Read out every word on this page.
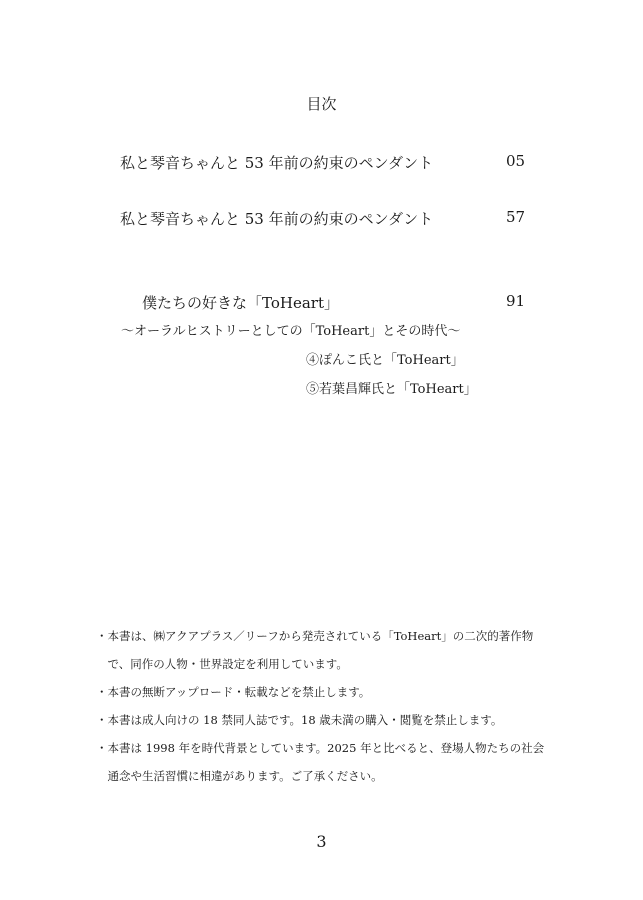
目次
私と琴音ちゃんと 53 年前の約束のペンダント	05
私と琴音ちゃんと 53 年前の約束のペンダント	57
僕たちの好きな「ToHeart」	91
～オーラルヒストリーとしての「ToHeart」とその時代～
④ぽんこ氏と「ToHeart」
⑤若葉昌輝氏と「ToHeart」
・本書は、㈱アクアプラス／リーフから発売されている「ToHeart」の二次的著作物
　で、同作の人物・世界設定を利用しています。
・本書の無断アップロード・転載などを禁止します。
・本書は成人向けの 18 禁同人誌です。18 歳未満の購入・閲覧を禁止します。
・本書は 1998 年を時代背景としています。2025 年と比べると、登場人物たちの社会
　通念や生活習慣に相違があります。ご了承ください。
3
